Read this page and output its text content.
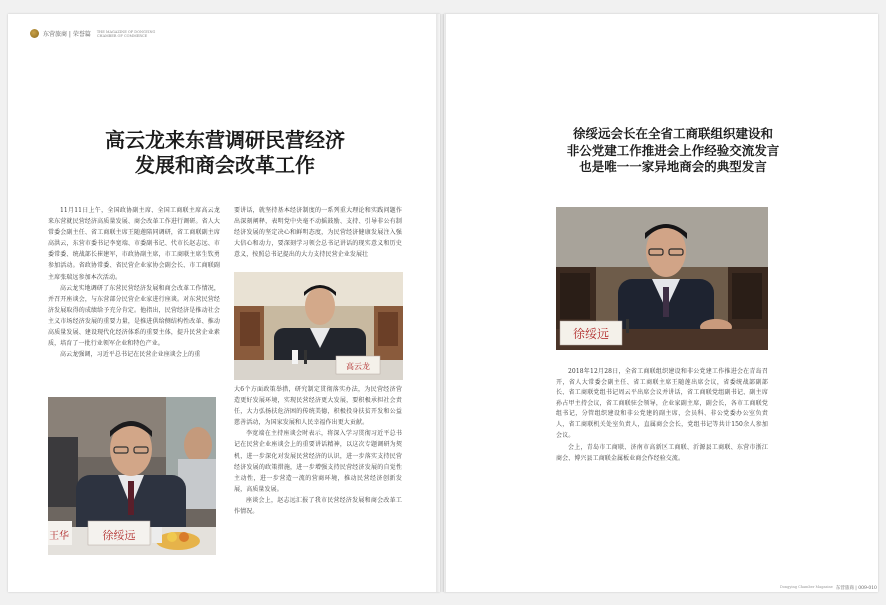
东营旅商 | 荣誉篇 THE MAGAZINE OF DONGYING CHAMBER OF COMMERCE
高云龙来东营调研民营经济
发展和商会改革工作

11月11日上午，全国政协副主席、全国工商联主席高云龙来东营就民营经济高质量发展、商会改革工作进行调研。省人大常委会副主任、省工商联主席王随莲陪同调研，省工商联副主席高洪云，东营市委书记李宽端、市委副书记、代市长赵志远、市委常委、统战部长崔建军，市政协副主席，市工商联主席生钦勇参加活动。省政协常委、省民营企业家协会副会长、市工商联副主席张瑞远参加本次活动。

高云龙实地调研了东营民营经济发展和商会改革工作情况，并召开座谈会，与东营部分民营企业家进行座谈。对东营民营经济发展取得的成绩给予充分肯定。他指出，民营经济是推动社会主义市场经济发展的重要力量，是推进供给侧结构性改革、推动高质量发展、建设现代化经济体系的重要主体，提升民营企业素质，培育了一批行业领军企业和特色产业。

高云龙强调，习近平总书记在民营企业座谈会上的重

要讲话，就坚持基本经济制度的一系列重大理论和实践问题作出深刻阐释，表明党中央毫不动摇鼓励、支持、引导非公有制经济发展的坚定决心和鲜明态度，为民营经济健康发展注入强大信心和动力，要深刻学习领会总书记讲话的现实意义和历史意义，按照总书记提出的大力支持民营企业发展壮

大6个方面政策举措，研究制定贯彻落实办法，为民营经济营造更好发展环境，实现民营经济更大发展，要积极承担社会责任，大力弘扬扶危济困的传统美德，积极投身扶贫开发和公益慈善活动，为国家发展和人民幸福作出更大贡献。

李宽端在主持座谈会时表示，将深入学习贯彻习近平总书记在民营企业座谈会上的重要讲话精神，以这次专题调研为契机，进一步深化对发展民营经济的认识，进一步落实支持民营经济发展的政策措施，进一步增强支持民营经济发展的自觉性主动性，进一步营造一流的营商环境，推动民营经济创新发展，高质量发展。

座谈会上，赵志远汇报了我市民营经济发展和商会改革工作情况。

徐绥远
王华
高云龙
徐绥远会长在全省工商联组织建设和
非公党建工作推进会上作经验交流发言
也是唯一一家异地商会的典型发言
徐绥远

2018年12月28日，全省工商联组织建设和非公党建工作推进会在青岛召开，省人大常委会副主任、省工商联主席王随莲出席会议，省委统战部副部长、省工商联党组书记周云平出席会议并讲话，省工商联党组副书记、副主席孙占甲主持会议，省工商联驻会领导，企业家副主席，副会长，各市工商联党组书记，分管组织建设和非公党建的副主席，会员科、非公党委办公室负责人，省工商联机关处室负责人，直属商会会长，党组书记等共计150余人参加会议。

会上，青岛市工商联、济南市高新区工商联、沂源县工商联、东营市浙江商会、博兴县工商联金属板业商会作经验交流。

Dongying Chamber Magazine 东营旅商 | 009-010
